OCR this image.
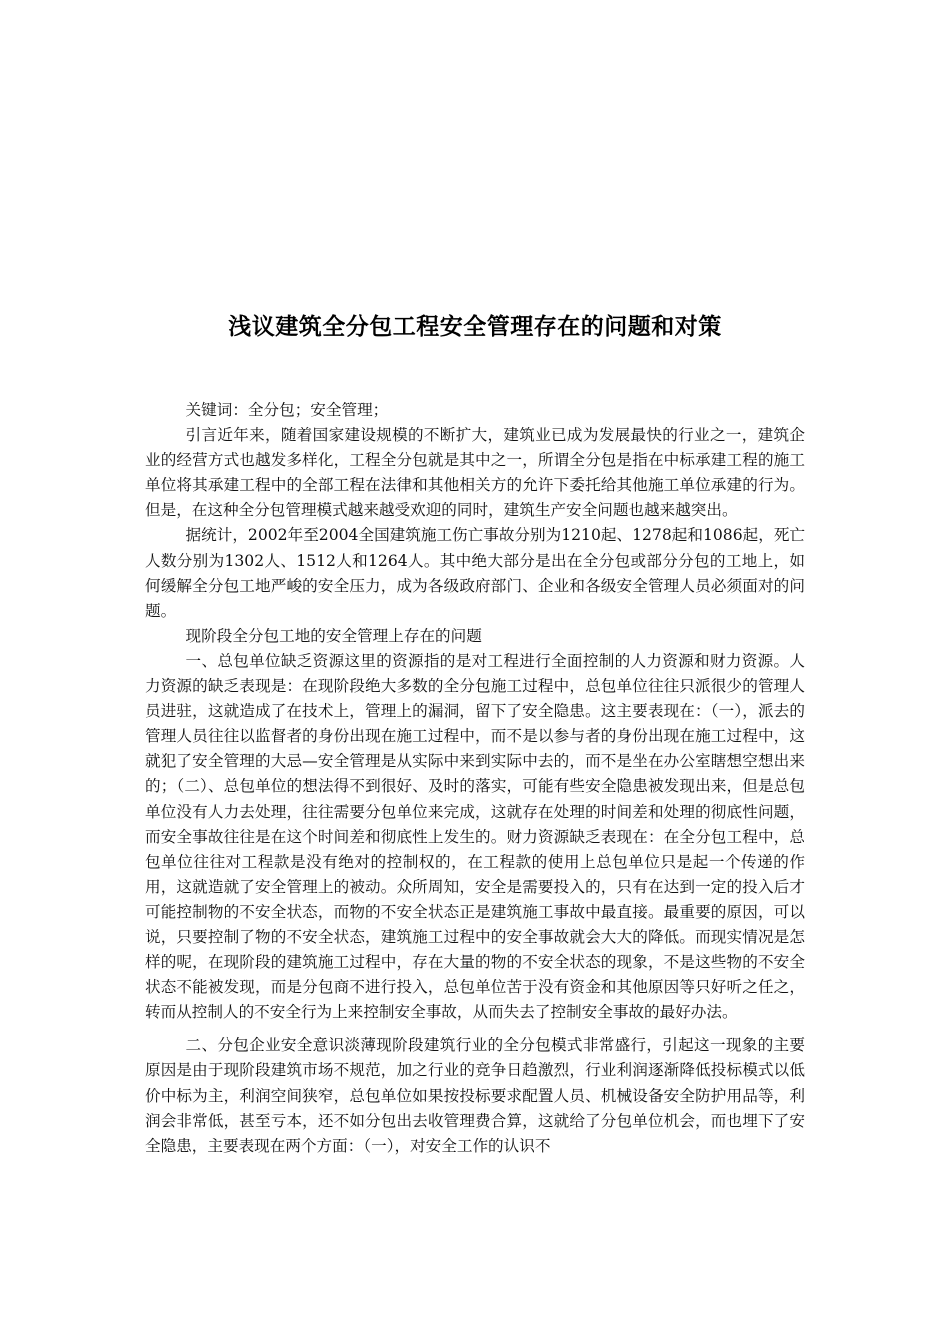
浅议建筑全分包工程安全管理存在的问题和对策

关键词：全分包；安全管理；

引言近年来，随着国家建设规模的不断扩大，建筑业已成为发展最快的行业之一，建筑企业的经营方式也越发多样化，工程全分包就是其中之一，所谓全分包是指在中标承建工程的施工单位将其承建工程中的全部工程在法律和其他相关方的允许下委托给其他施工单位承建的行为。但是，在这种全分包管理模式越来越受欢迎的同时，建筑生产安全问题也越来越突出。

据统计，2002年至2004全国建筑施工伤亡事故分别为1210起、1278起和1086起，死亡人数分别为1302人、1512人和1264人。其中绝大部分是出在全分包或部分分包的工地上，如何缓解全分包工地严峻的安全压力，成为各级政府部门、企业和各级安全管理人员必须面对的问题。

现阶段全分包工地的安全管理上存在的问题

一、总包单位缺乏资源这里的资源指的是对工程进行全面控制的人力资源和财力资源。人力资源的缺乏表现是：在现阶段绝大多数的全分包施工过程中，总包单位往往只派很少的管理人员进驻，这就造成了在技术上，管理上的漏洞，留下了安全隐患。这主要表现在：（一），派去的管理人员往往以监督者的身份出现在施工过程中，而不是以参与者的身份出现在施工过程中，这就犯了安全管理的大忌—安全管理是从实际中来到实际中去的，而不是坐在办公室瞎想空想出来的；（二）、总包单位的想法得不到很好、及时的落实，可能有些安全隐患被发现出来，但是总包单位没有人力去处理，往往需要分包单位来完成，这就存在处理的时间差和处理的彻底性问题，而安全事故往往是在这个时间差和彻底性上发生的。财力资源缺乏表现在：在全分包工程中，总包单位往往对工程款是没有绝对的控制权的，在工程款的使用上总包单位只是起一个传递的作用，这就造就了安全管理上的被动。众所周知，安全是需要投入的，只有在达到一定的投入后才可能控制物的不安全状态，而物的不安全状态正是建筑施工事故中最直接。最重要的原因，可以说，只要控制了物的不安全状态，建筑施工过程中的安全事故就会大大的降低。而现实情况是怎样的呢，在现阶段的建筑施工过程中，存在大量的物的不安全状态的现象，不是这些物的不安全状态不能被发现，而是分包商不进行投入，总包单位苦于没有资金和其他原因等只好听之任之，转而从控制人的不安全行为上来控制安全事故，从而失去了控制安全事故的最好办法。

二、分包企业安全意识淡薄现阶段建筑行业的全分包模式非常盛行，引起这一现象的主要原因是由于现阶段建筑市场不规范，加之行业的竞争日趋激烈，行业利润逐渐降低投标模式以低价中标为主，利润空间狭窄，总包单位如果按投标要求配置人员、机械设备安全防护用品等，利润会非常低，甚至亏本，还不如分包出去收管理费合算，这就给了分包单位机会，而也埋下了安全隐患，主要表现在两个方面：（一），对安全工作的认识不
